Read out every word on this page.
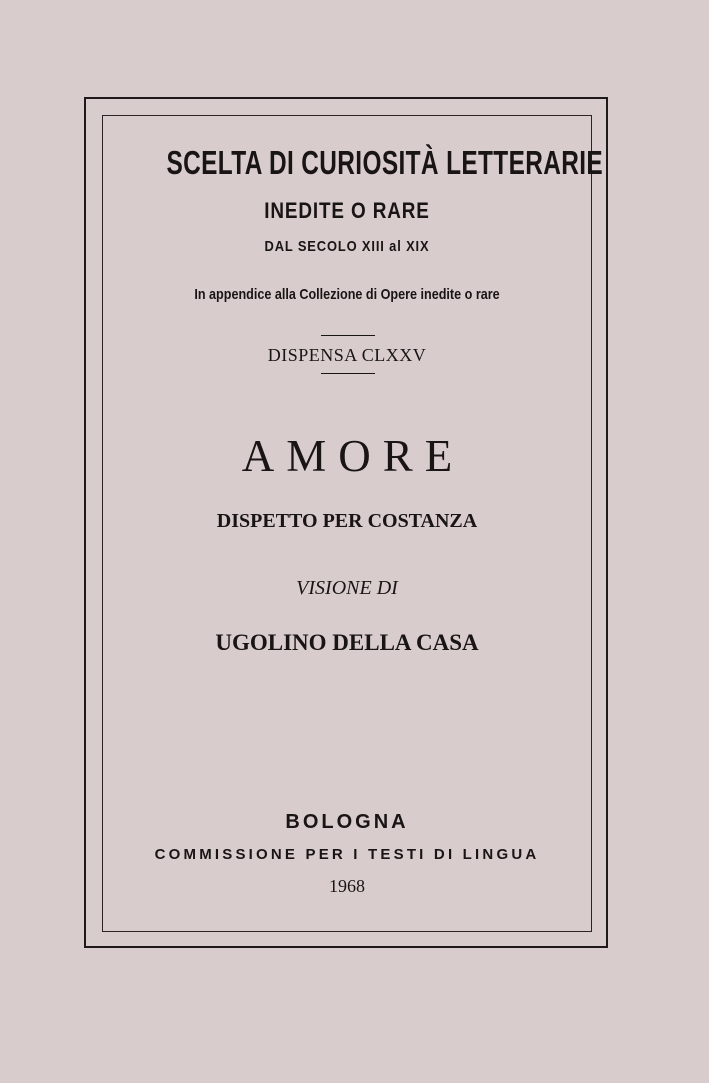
SCELTA DI CURIOSITÀ LETTERARIE
INEDITE O RARE
DAL SECOLO XIII al XIX
In appendice alla Collezione di Opere inedite o rare
DISPENSA CLXXV
AMORE
DISPETTO PER COSTANZA
VISIONE DI
UGOLINO DELLA CASA
BOLOGNA
COMMISSIONE PER I TESTI DI LINGUA
1968
